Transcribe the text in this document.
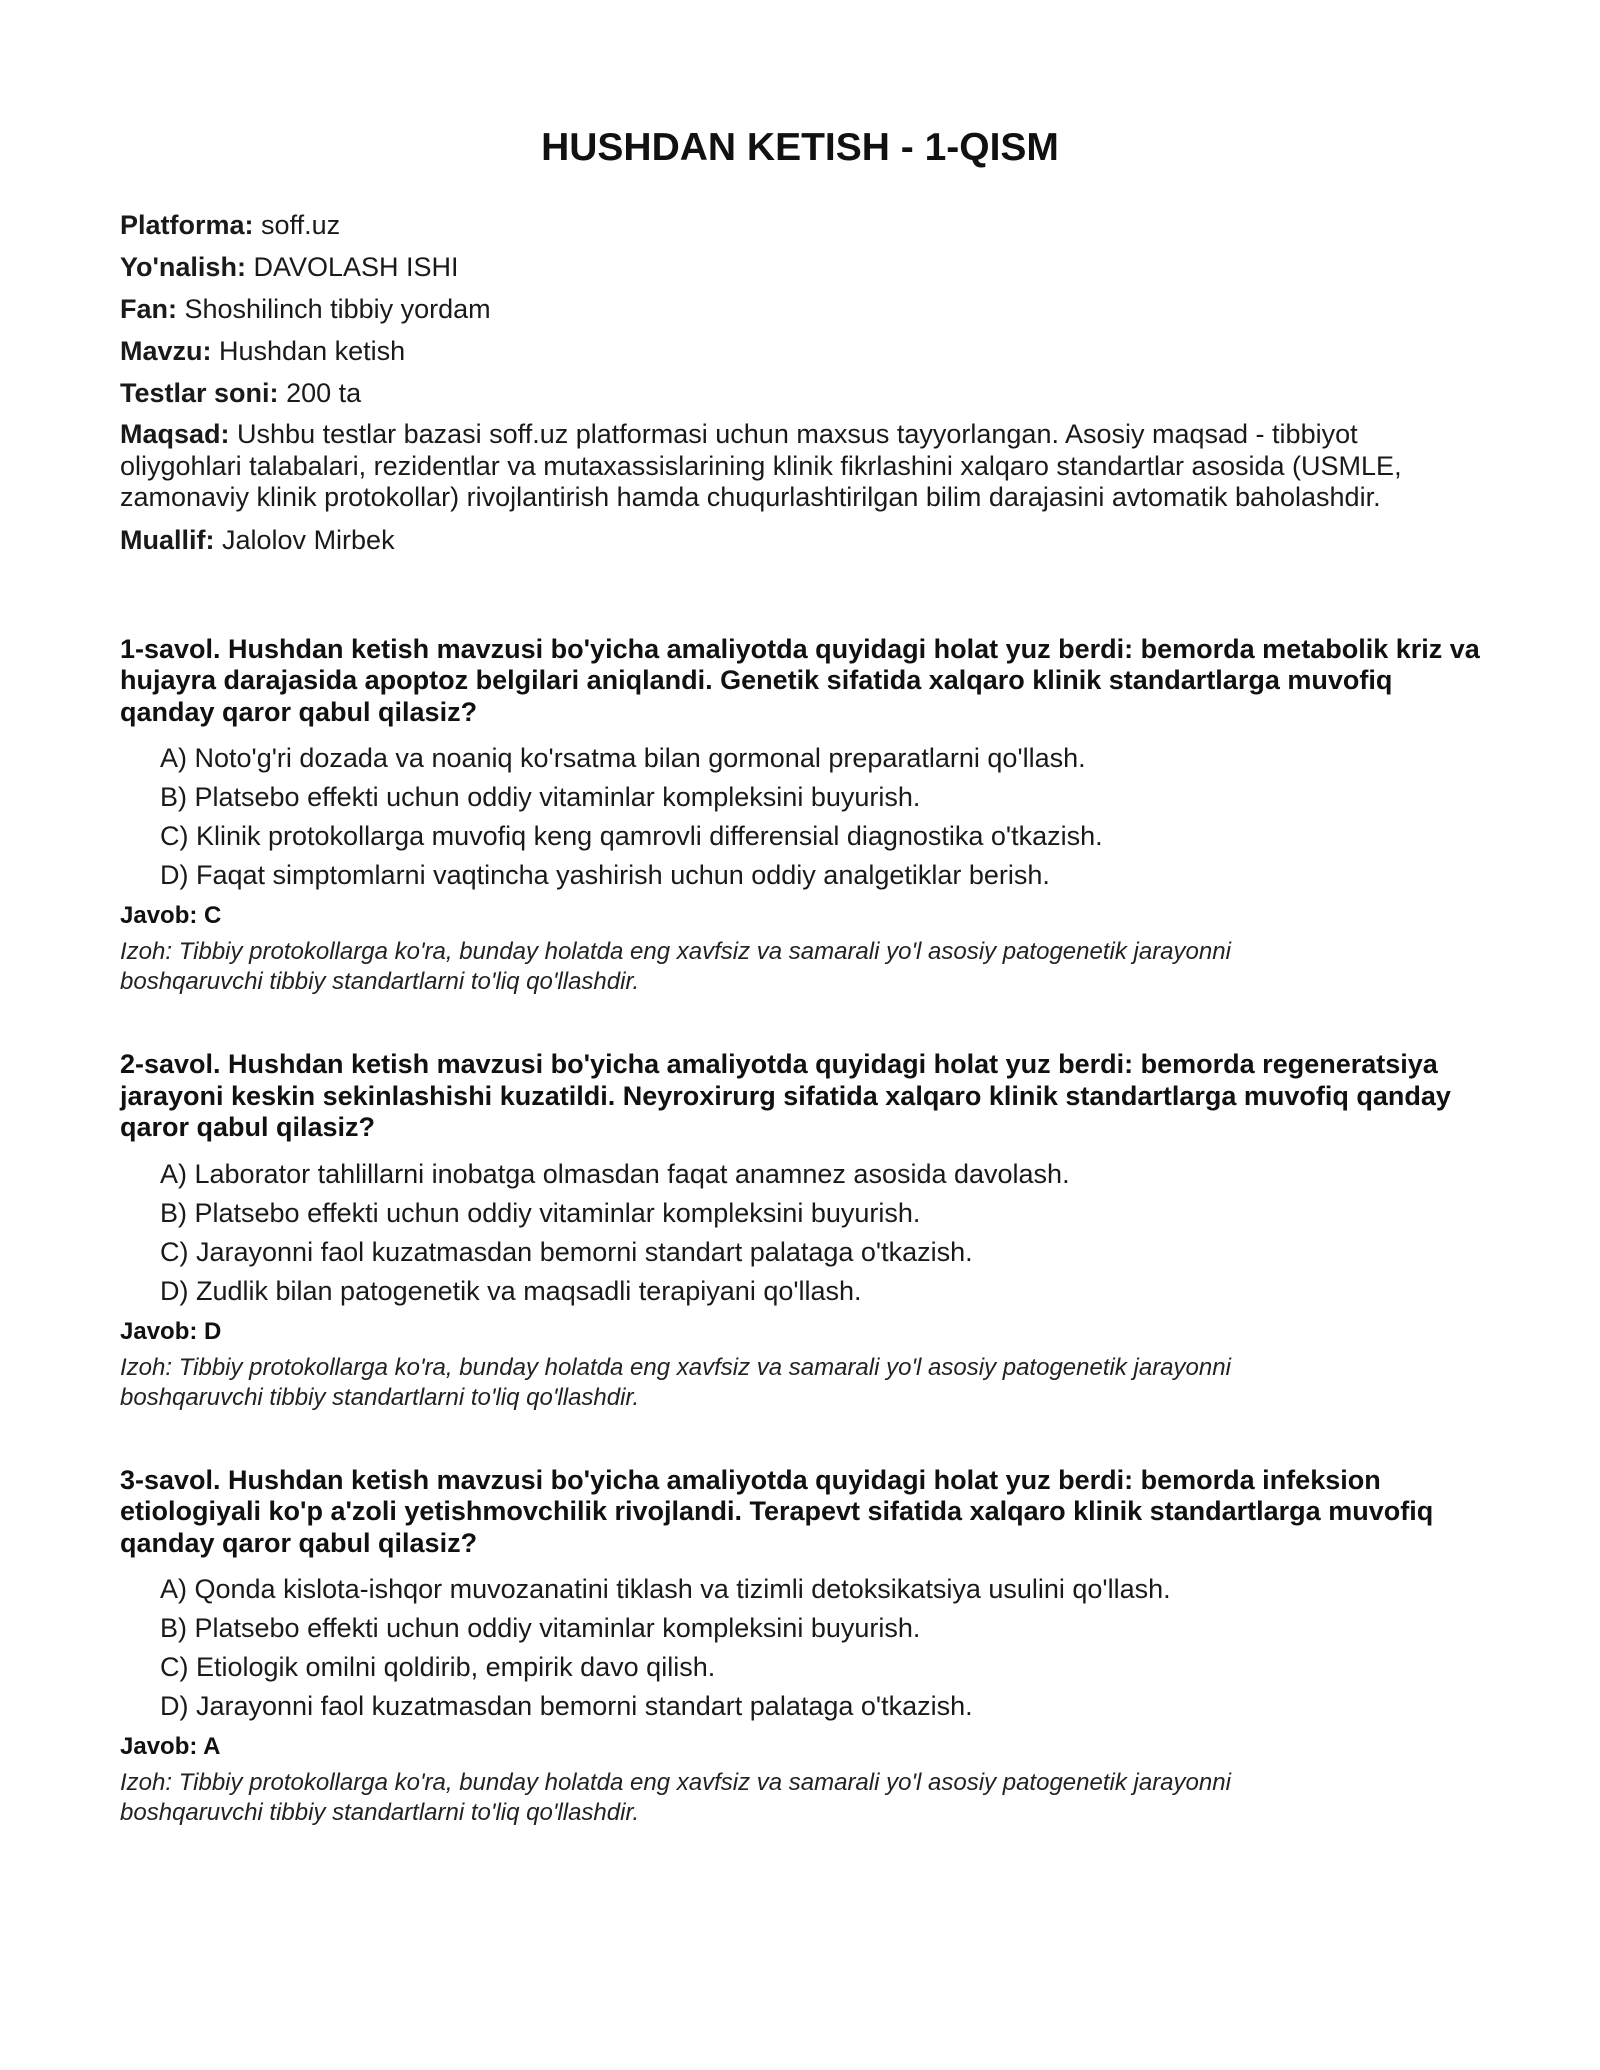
HUSHDAN KETISH - 1-QISM

Platforma: soff.uz

Yo'nalish: DAVOLASH ISHI

Fan: Shoshilinch tibbiy yordam

Mavzu: Hushdan ketish

Testlar soni: 200 ta

Maqsad: Ushbu testlar bazasi soff.uz platformasi uchun maxsus tayyorlangan. Asosiy maqsad - tibbiyot oliygohlari talabalari, rezidentlar va mutaxassislarining klinik fikrlashini xalqaro standartlar asosida (USMLE, zamonaviy klinik protokollar) rivojlantirish hamda chuqurlashtirilgan bilim darajasini avtomatik baholashdir.

Muallif: Jalolov Mirbek

1-savol. Hushdan ketish mavzusi bo'yicha amaliyotda quyidagi holat yuz berdi: bemorda metabolik kriz va hujayra darajasida apoptoz belgilari aniqlandi. Genetik sifatida xalqaro klinik standartlarga muvofiq qanday qaror qabul qilasiz?

A) Noto'g'ri dozada va noaniq ko'rsatma bilan gormonal preparatlarni qo'llash.
B) Platsebo effekti uchun oddiy vitaminlar kompleksini buyurish.
C) Klinik protokollarga muvofiq keng qamrovli differensial diagnostika o'tkazish.
D) Faqat simptomlarni vaqtincha yashirish uchun oddiy analgetiklar berish.

Javob: C

Izoh: Tibbiy protokollarga ko'ra, bunday holatda eng xavfsiz va samarali yo'l asosiy patogenetik jarayonni boshqaruvchi tibbiy standartlarni to'liq qo'llashdir.

2-savol. Hushdan ketish mavzusi bo'yicha amaliyotda quyidagi holat yuz berdi: bemorda regeneratsiya jarayoni keskin sekinlashishi kuzatildi. Neyroxirurg sifatida xalqaro klinik standartlarga muvofiq qanday qaror qabul qilasiz?

A) Laborator tahlillarni inobatga olmasdan faqat anamnez asosida davolash.
B) Platsebo effekti uchun oddiy vitaminlar kompleksini buyurish.
C) Jarayonni faol kuzatmasdan bemorni standart palataga o'tkazish.
D) Zudlik bilan patogenetik va maqsadli terapiyani qo'llash.

Javob: D

Izoh: Tibbiy protokollarga ko'ra, bunday holatda eng xavfsiz va samarali yo'l asosiy patogenetik jarayonni boshqaruvchi tibbiy standartlarni to'liq qo'llashdir.

3-savol. Hushdan ketish mavzusi bo'yicha amaliyotda quyidagi holat yuz berdi: bemorda infeksion etiologiyali ko'p a'zoli yetishmovchilik rivojlandi. Terapevt sifatida xalqaro klinik standartlarga muvofiq qanday qaror qabul qilasiz?

A) Qonda kislota-ishqor muvozanatini tiklash va tizimli detoksikatsiya usulini qo'llash.
B) Platsebo effekti uchun oddiy vitaminlar kompleksini buyurish.
C) Etiologik omilni qoldirib, empirik davo qilish.
D) Jarayonni faol kuzatmasdan bemorni standart palataga o'tkazish.

Javob: A

Izoh: Tibbiy protokollarga ko'ra, bunday holatda eng xavfsiz va samarali yo'l asosiy patogenetik jarayonni boshqaruvchi tibbiy standartlarni to'liq qo'llashdir.
